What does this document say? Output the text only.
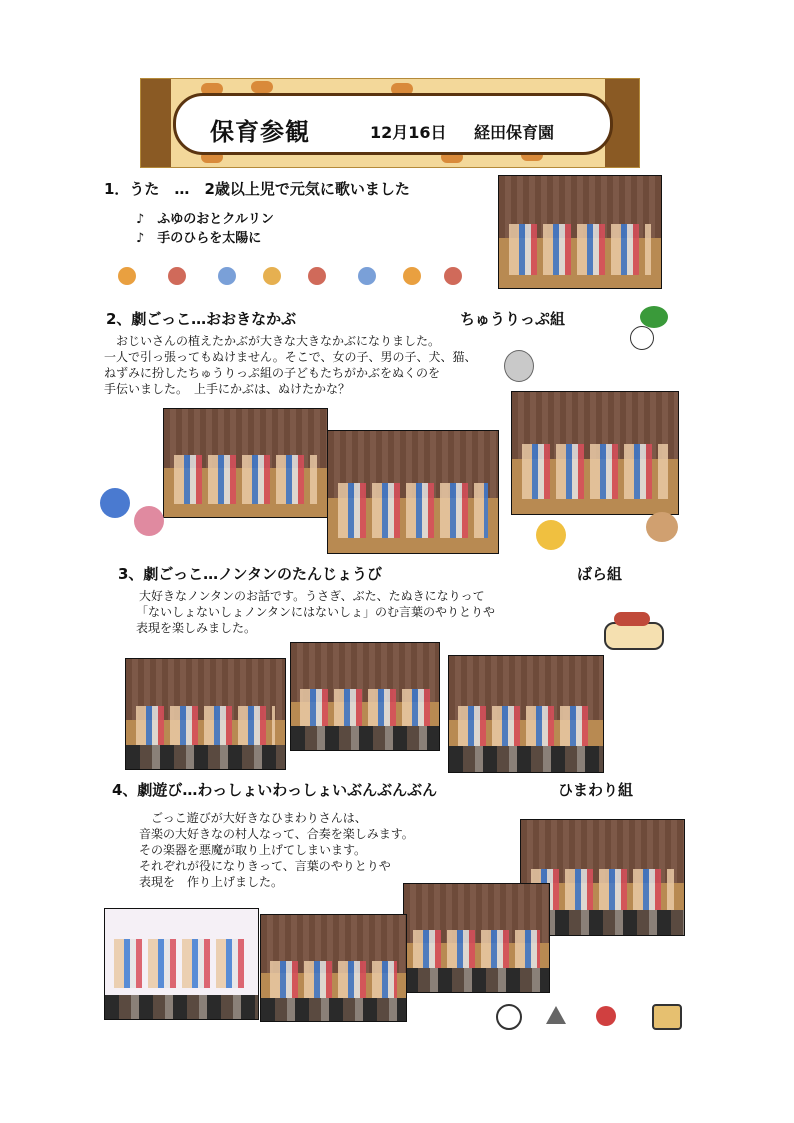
保育参観	12月16日 経田保育園
1．うた　…　2歳以上児で元気に歌いました
♪　ふゆのおとクルリン
♪　手のひらを太陽に
2、劇ごっこ…おおきなかぶ	ちゅうりっぷ組
　おじいさんの植えたかぶが大きな大きなかぶになりました。
一人で引っ張ってもぬけません。そこで、女の子、男の子、犬、猫、
ねずみに扮したちゅうりっぷ組の子どもたちがかぶをぬくのを
手伝いました。　上手にかぶは、ぬけたかな？
3、劇ごっこ…ノンタンのたんじょうび	ばら組
大好きなノンタンのお話です。うさぎ、ぶた、たぬきになりって
「ないしょないしょノンタンにはないしょ」のむ言葉のやりとりや
表現を楽しみました。
4、劇遊び…わっしょいわっしょいぶんぶんぶん	ひまわり組
　ごっこ遊びが大好きなひまわりさんは、
音楽の大好きなの村人なって、合奏を楽しみます。
その楽器を悪魔が取り上げてしまいます。
それぞれが役になりきって、言葉のやりとりや
表現を　作り上げました。
